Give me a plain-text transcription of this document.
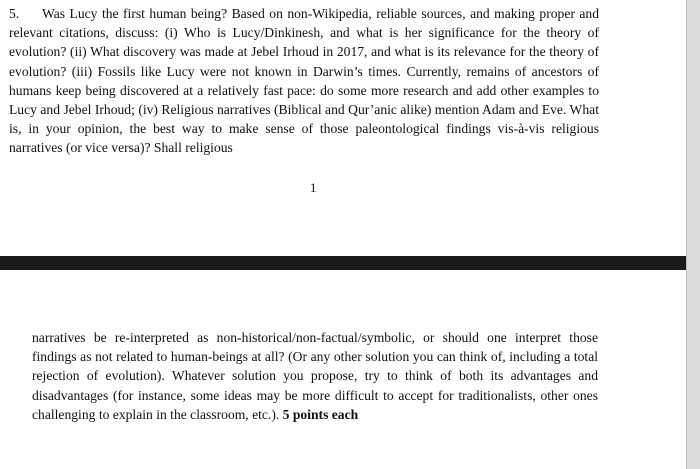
5. Was Lucy the first human being? Based on non-Wikipedia, reliable sources, and making proper and relevant citations, discuss: (i) Who is Lucy/Dinkinesh, and what is her significance for the theory of evolution? (ii) What discovery was made at Jebel Irhoud in 2017, and what is its relevance for the theory of evolution? (iii) Fossils like Lucy were not known in Darwin’s times. Currently, remains of ancestors of humans keep being discovered at a relatively fast pace: do some more research and add other examples to Lucy and Jebel Irhoud; (iv) Religious narratives (Biblical and Qur’anic alike) mention Adam and Eve. What is, in your opinion, the best way to make sense of those paleontological findings vis-à-vis religious narratives (or vice versa)? Shall religious

1

narratives be re-interpreted as non-historical/non-factual/symbolic, or should one interpret those findings as not related to human-beings at all? (Or any other solution you can think of, including a total rejection of evolution). Whatever solution you propose, try to think of both its advantages and disadvantages (for instance, some ideas may be more difficult to accept for traditionalists, other ones challenging to explain in the classroom, etc.). 5 points each
